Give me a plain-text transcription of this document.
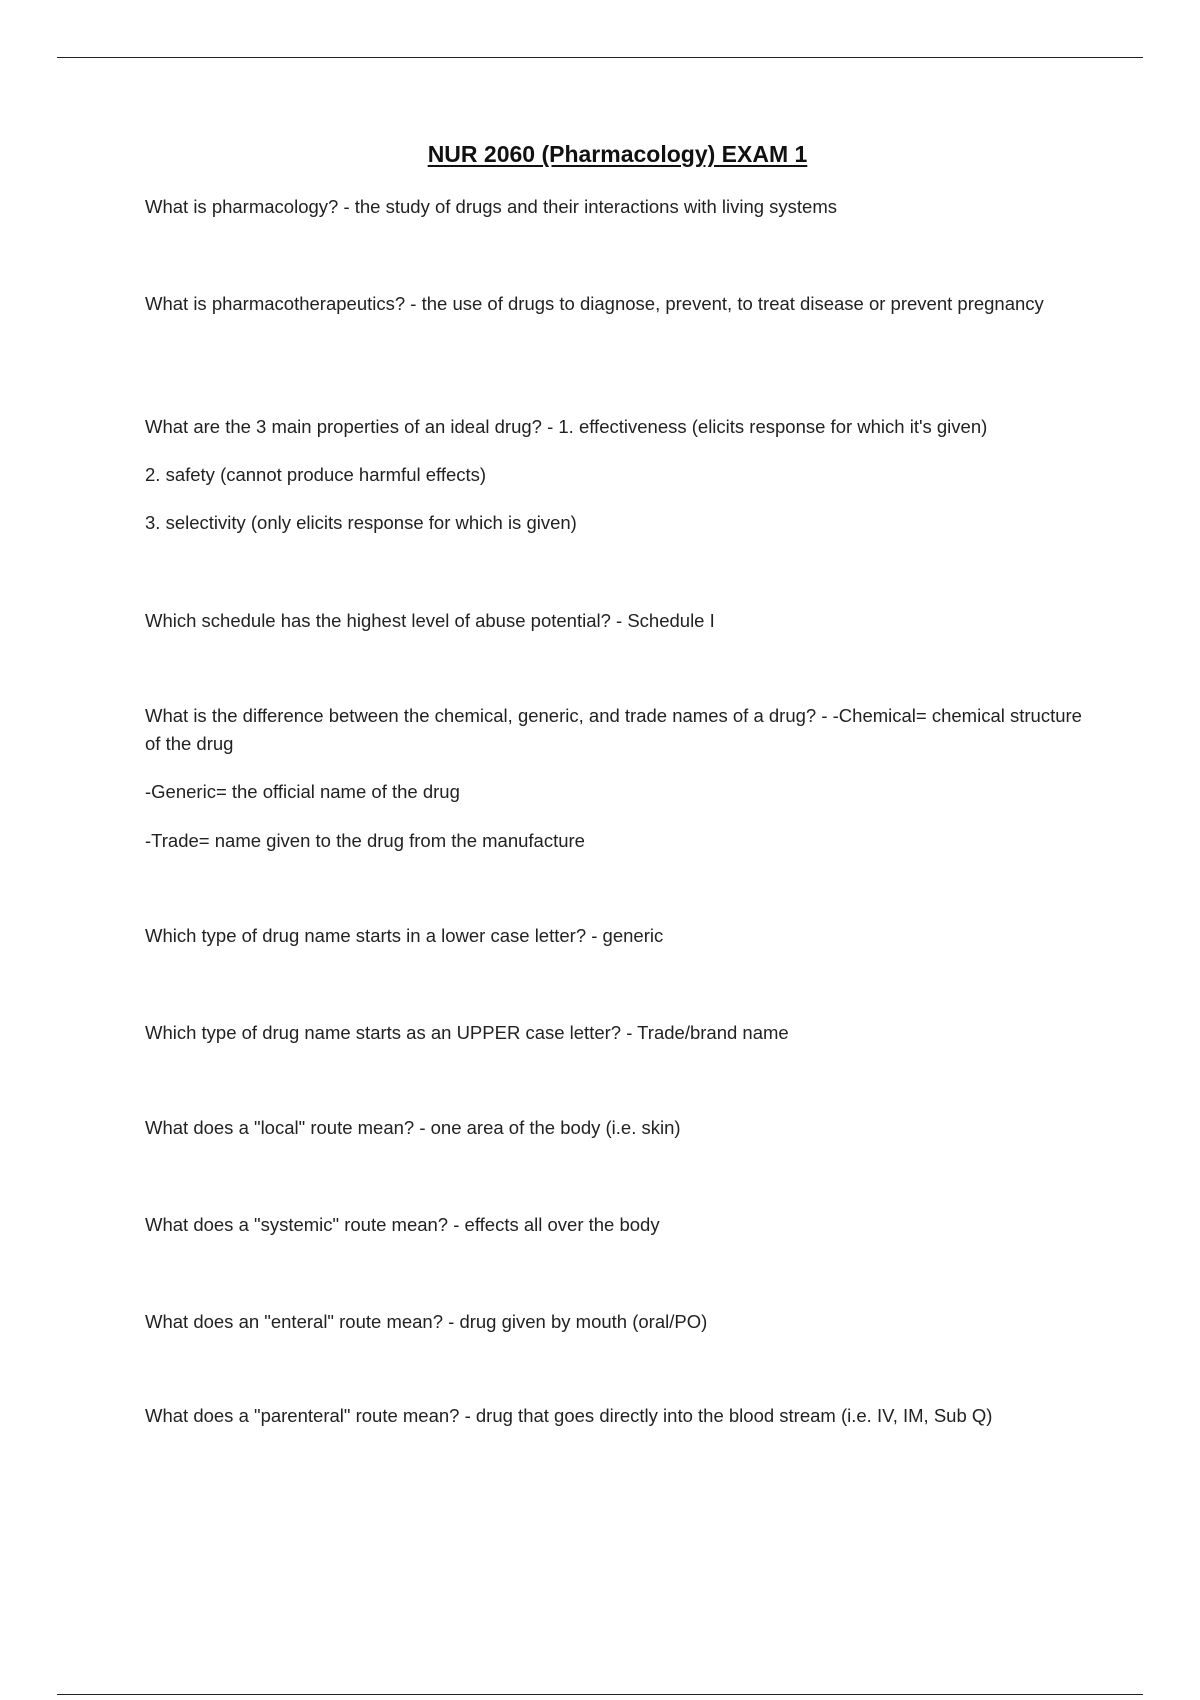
NUR 2060 (Pharmacology) EXAM 1
What is pharmacology? - the study of drugs and their interactions with living systems
What is pharmacotherapeutics? - the use of drugs to diagnose, prevent, to treat disease or prevent pregnancy
What are the 3 main properties of an ideal drug? - 1. effectiveness (elicits response for which it's given)
2. safety (cannot produce harmful effects)
3. selectivity (only elicits response for which is given)
Which schedule has the highest level of abuse potential? - Schedule I
What is the difference between the chemical, generic, and trade names of a drug? - -Chemical= chemical structure of the drug
-Generic= the official name of the drug
-Trade= name given to the drug from the manufacture
Which type of drug name starts in a lower case letter? - generic
Which type of drug name starts as an UPPER case letter? - Trade/brand name
What does a "local" route mean? - one area of the body (i.e. skin)
What does a "systemic" route mean? - effects all over the body
What does an "enteral" route mean? - drug given by mouth (oral/PO)
What does a "parenteral" route mean? - drug that goes directly into the blood stream (i.e. IV, IM, Sub Q)
